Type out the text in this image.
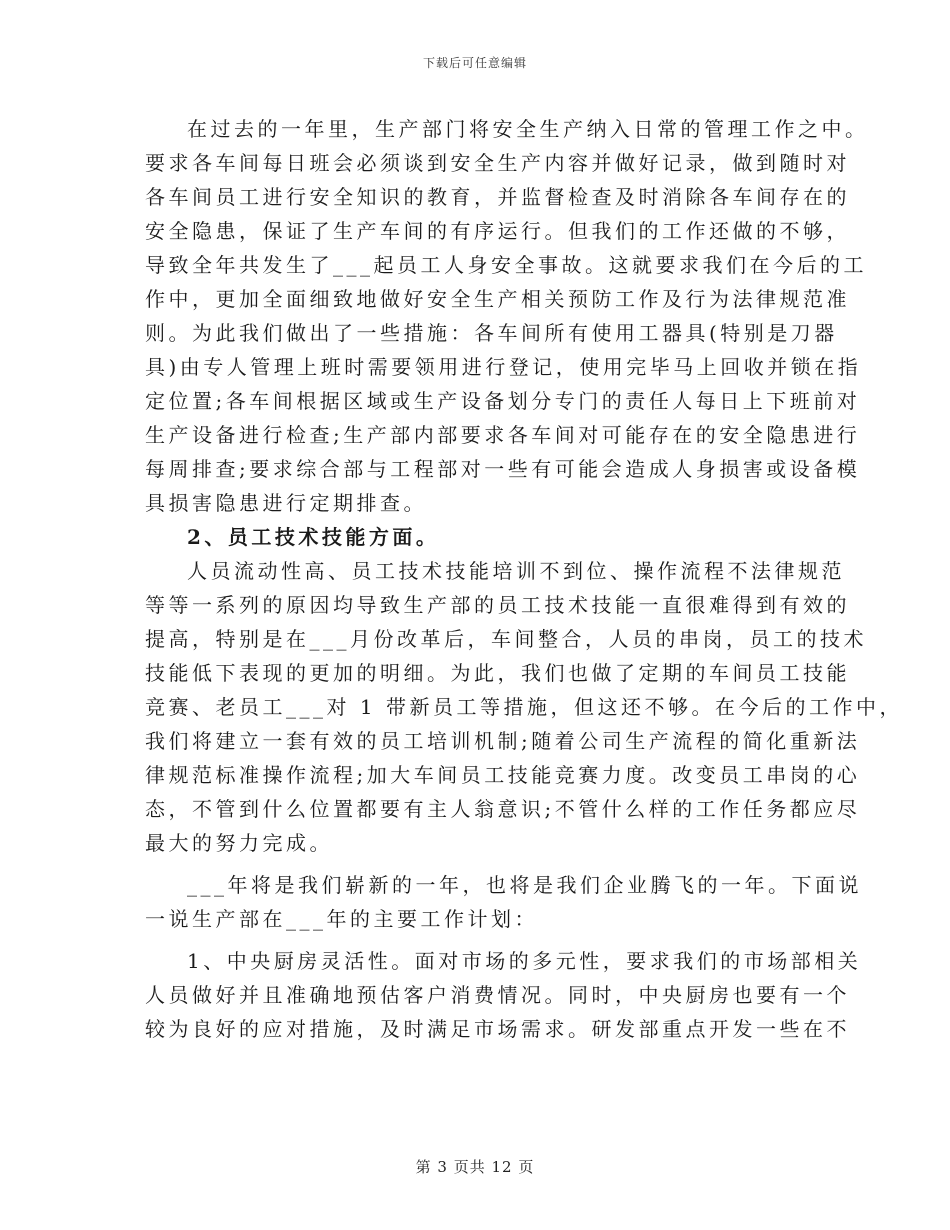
下载后可任意编辑
在过去的一年里，生产部门将安全生产纳入日常的管理工作之中。
要求各车间每日班会必须谈到安全生产内容并做好记录，做到随时对
各车间员工进行安全知识的教育，并监督检查及时消除各车间存在的
安全隐患，保证了生产车间的有序运行。但我们的工作还做的不够，
导致全年共发生了___起员工人身安全事故。这就要求我们在今后的工
作中，更加全面细致地做好安全生产相关预防工作及行为法律规范准
则。为此我们做出了一些措施：各车间所有使用工器具(特别是刀器
具)由专人管理上班时需要领用进行登记，使用完毕马上回收并锁在指
定位置;各车间根据区域或生产设备划分专门的责任人每日上下班前对
生产设备进行检查;生产部内部要求各车间对可能存在的安全隐患进行
每周排查;要求综合部与工程部对一些有可能会造成人身损害或设备模
具损害隐患进行定期排查。
2、员工技术技能方面。
人员流动性高、员工技术技能培训不到位、操作流程不法律规范
等等一系列的原因均导致生产部的员工技术技能一直很难得到有效的
提高，特别是在___月份改革后，车间整合，人员的串岗，员工的技术
技能低下表现的更加的明细。为此，我们也做了定期的车间员工技能
竞赛、老员工___对 1 带新员工等措施，但这还不够。在今后的工作中，
我们将建立一套有效的员工培训机制;随着公司生产流程的简化重新法
律规范标准操作流程;加大车间员工技能竞赛力度。改变员工串岗的心
态，不管到什么位置都要有主人翁意识;不管什么样的工作任务都应尽
最大的努力完成。
___年将是我们崭新的一年，也将是我们企业腾飞的一年。下面说
一说生产部在___年的主要工作计划：
1、中央厨房灵活性。面对市场的多元性，要求我们的市场部相关
人员做好并且准确地预估客户消费情况。同时，中央厨房也要有一个
较为良好的应对措施，及时满足市场需求。研发部重点开发一些在不
第 3 页共 12 页
